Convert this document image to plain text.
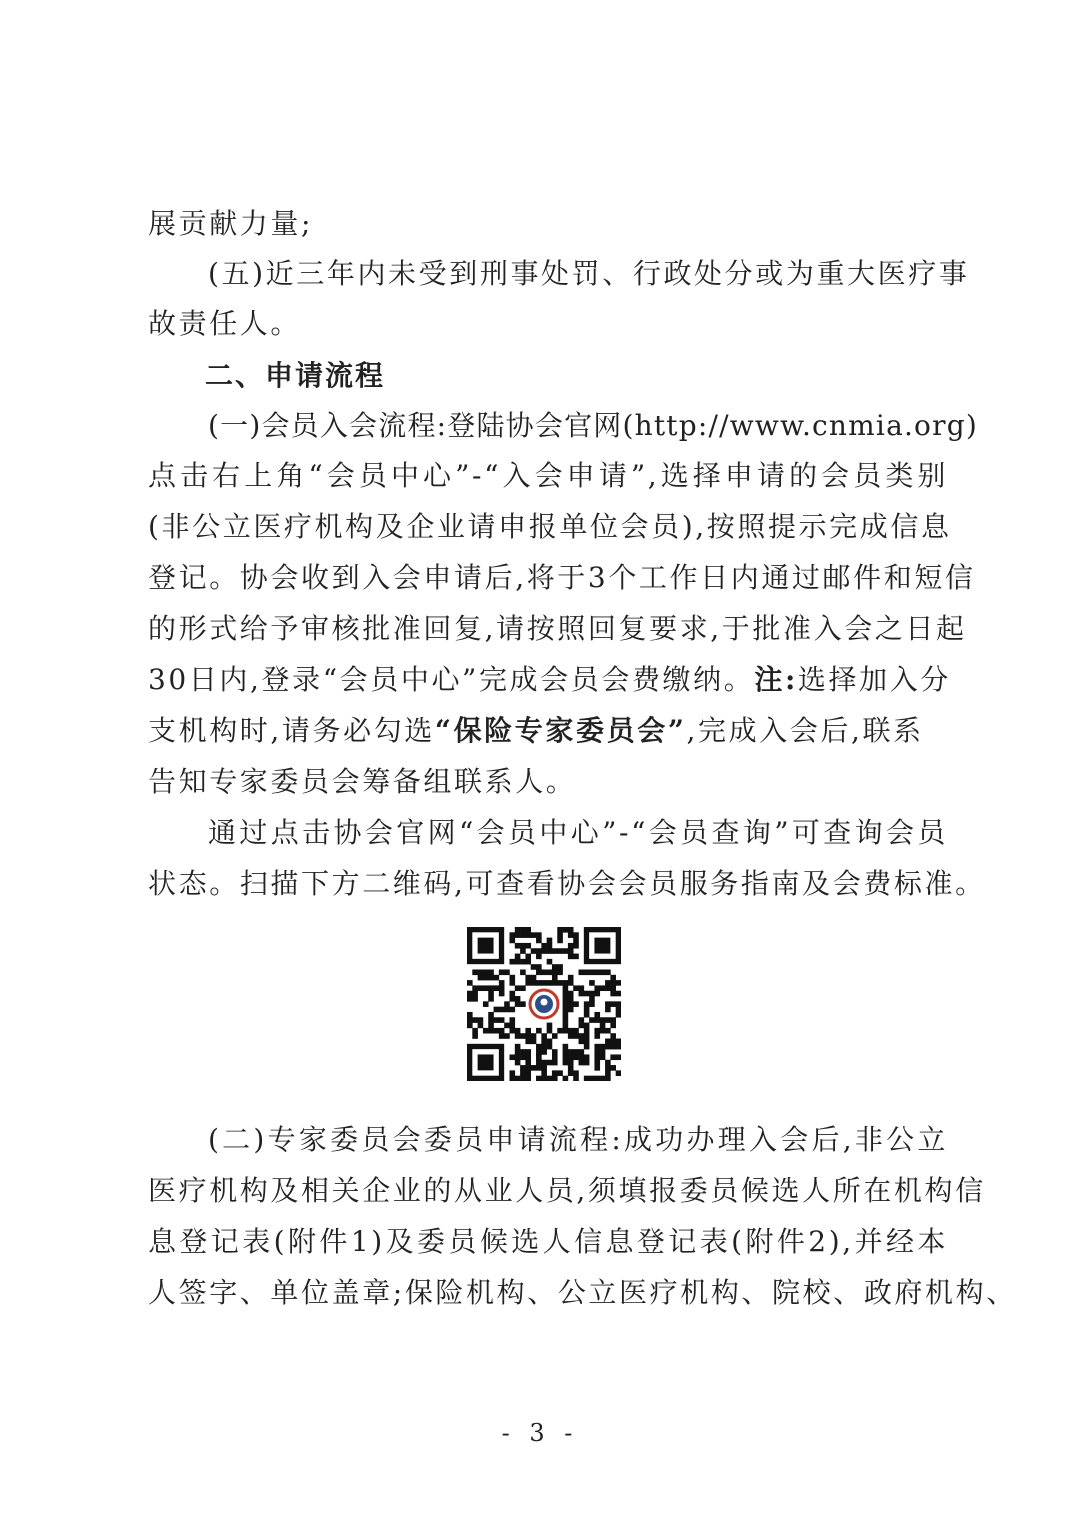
展贡献力量;
(五)近三年内未受到刑事处罚、行政处分或为重大医疗事
故责任人。
二、申请流程
(一)会员入会流程:登陆协会官网(http://www.cnmia.org)
点击右上角“会员中心”-“入会申请”,选择申请的会员类别
(非公立医疗机构及企业请申报单位会员),按照提示完成信息
登记。协会收到入会申请后,将于3个工作日内通过邮件和短信
的形式给予审核批准回复,请按照回复要求,于批准入会之日起
30日内,登录“会员中心”完成会员会费缴纳。注:选择加入分
支机构时,请务必勾选“保险专家委员会”,完成入会后,联系
告知专家委员会筹备组联系人。
通过点击协会官网“会员中心”-“会员查询”可查询会员
状态。扫描下方二维码,可查看协会会员服务指南及会费标准。
(二)专家委员会委员申请流程:成功办理入会后,非公立
医疗机构及相关企业的从业人员,须填报委员候选人所在机构信
息登记表(附件1)及委员候选人信息登记表(附件2),并经本
人签字、单位盖章;保险机构、公立医疗机构、院校、政府机构、
- 3 -
